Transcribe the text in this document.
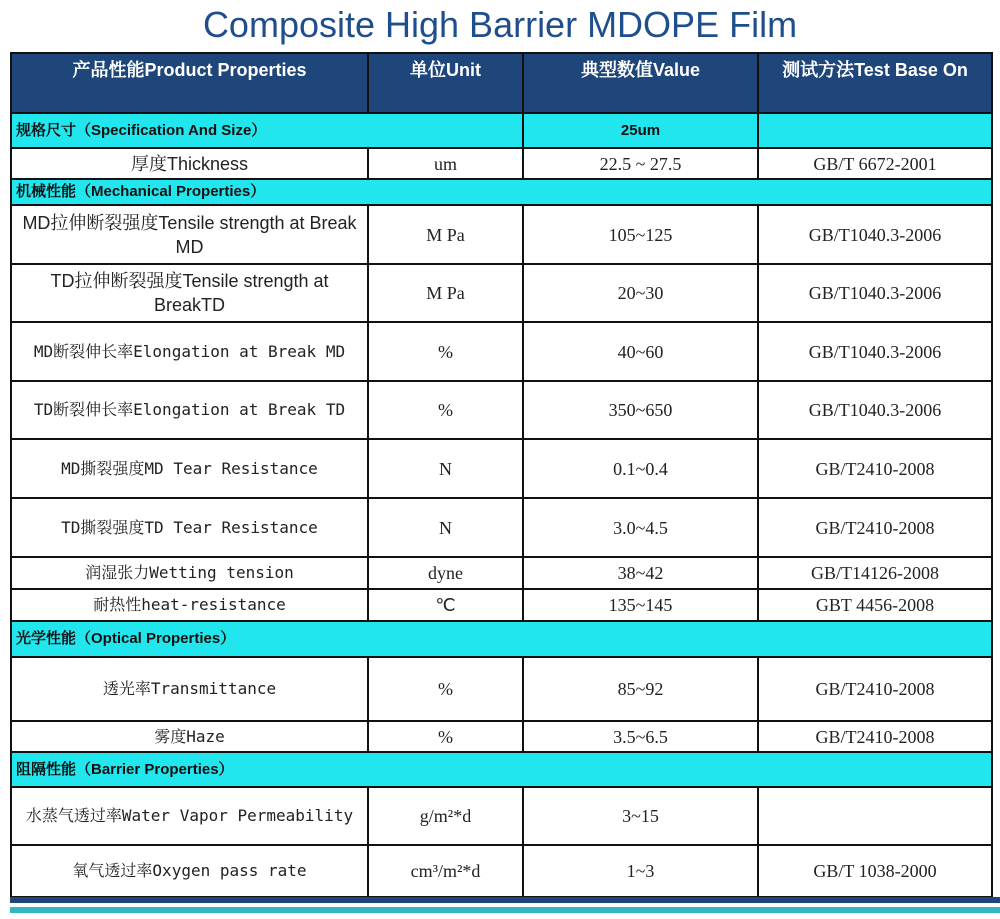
Composite High Barrier MDOPE Film
产品性能Product Properties	单位Unit	典型数值Value	测试方法Test Base On
规格尺寸（Specification And Size）		25um	
厚度Thickness	um	22.5 ~ 27.5	GB/T 6672-2001
机械性能（Mechanical Properties）			
MD拉伸断裂强度Tensile strength at Break MD	M Pa	105~125	GB/T1040.3-2006
TD拉伸断裂强度Tensile strength at BreakTD	M Pa	20~30	GB/T1040.3-2006
MD断裂伸长率Elongation at Break MD	%	40~60	GB/T1040.3-2006
TD断裂伸长率Elongation at Break TD	%	350~650	GB/T1040.3-2006
MD撕裂强度MD Tear Resistance	N	0.1~0.4	GB/T2410-2008
TD撕裂强度TD Tear Resistance	N	3.0~4.5	GB/T2410-2008
润湿张力Wetting tension	dyne	38~42	GB/T14126-2008
耐热性heat-resistance	℃	135~145	GBT 4456-2008
光学性能（Optical Properties）			
透光率Transmittance	%	85~92	GB/T2410-2008
雾度Haze	%	3.5~6.5	GB/T2410-2008
阻隔性能（Barrier Properties）			
水蒸气透过率Water Vapor Permeability	g/m²*d	3~15	
氧气透过率Oxygen pass rate	cm³/m²*d	1~3	GB/T 1038-2000
